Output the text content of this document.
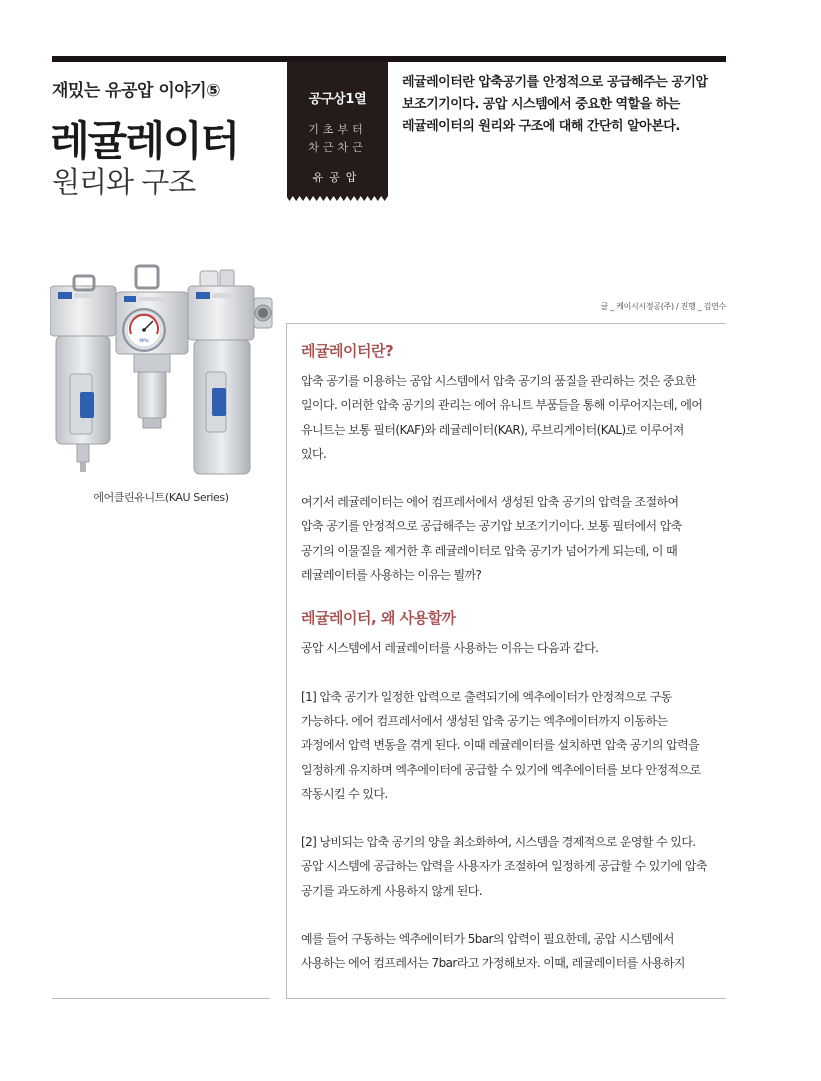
재밌는 유공압 이야기⑤
레귤레이터
원리와 구조
공구상1열
기초부터
차근차근
유공압
레귤레이터란 압축공기를 안정적으로 공급해주는 공기압
보조기기이다. 공압 시스템에서 중요한 역할을 하는
레귤레이터의 원리와 구조에 대해 간단히 알아본다.
MPa
에어클린유니트(KAU Series)
글 _ 케이시시정공(주) / 진행 _ 김연수
레귤레이터란?

압축 공기를 이용하는 공압 시스템에서 압축 공기의 품질을 관리하는 것은 중요한
일이다. 이러한 압축 공기의 관리는 에어 유니트 부품들을 통해 이루어지는데, 에어
유니트는 보통 필터(KAF)와 레귤레이터(KAR), 루브리게이터(KAL)로 이루어져
있다.

여기서 레귤레이터는 에어 컴프레서에서 생성된 압축 공기의 압력을 조절하여
압축 공기를 안정적으로 공급해주는 공기압 보조기기이다. 보통 필터에서 압축
공기의 이물질을 제거한 후 레귤레이터로 압축 공기가 넘어가게 되는데, 이 때
레귤레이터를 사용하는 이유는 뭘까?

레귤레이터, 왜 사용할까

공압 시스템에서 레귤레이터를 사용하는 이유는 다음과 같다.

[1] 압축 공기가 일정한 압력으로 출력되기에 엑추에이터가 안정적으로 구동
가능하다. 에어 컴프레서에서 생성된 압축 공기는 엑추에이터까지 이동하는
과정에서 압력 변동을 겪게 된다. 이때 레귤레이터를 설치하면 압축 공기의 압력을
일정하게 유지하며 엑추에이터에 공급할 수 있기에 엑추에이터를 보다 안정적으로
작동시킬 수 있다.

[2] 낭비되는 압축 공기의 양을 최소화하여, 시스템을 경제적으로 운영할 수 있다.
공압 시스템에 공급하는 압력을 사용자가 조절하여 일정하게 공급할 수 있기에 압축
공기를 과도하게 사용하지 않게 된다.

예를 들어 구동하는 엑추에이터가 5bar의 압력이 필요한데, 공압 시스템에서
사용하는 에어 컴프레서는 7bar라고 가정해보자. 이때, 레귤레이터를 사용하지
